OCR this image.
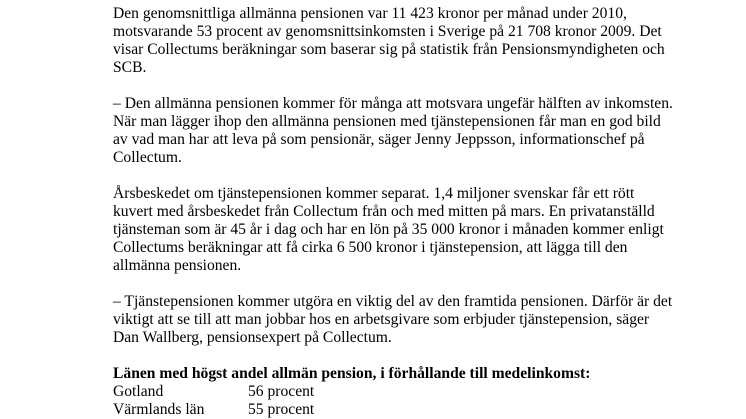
Den genomsnittliga allmänna pensionen var 11 423 kronor per månad under 2010,
motsvarande 53 procent av genomsnittsinkomsten i Sverige på 21 708 kronor 2009. Det
visar Collectums beräkningar som baserar sig på statistik från Pensionsmyndigheten och
SCB.

– Den allmänna pensionen kommer för många att motsvara ungefär hälften av inkomsten.
När man lägger ihop den allmänna pensionen med tjänstepensionen får man en god bild
av vad man har att leva på som pensionär, säger Jenny Jeppsson, informationschef på
Collectum.

Årsbeskedet om tjänstepensionen kommer separat. 1,4 miljoner svenskar får ett rött
kuvert med årsbeskedet från Collectum från och med mitten på mars. En privatanställd
tjänsteman som är 45 år i dag och har en lön på 35 000 kronor i månaden kommer enligt
Collectums beräkningar att få cirka 6 500 kronor i tjänstepension, att lägga till den
allmänna pensionen.

– Tjänstepensionen kommer utgöra en viktig del av den framtida pensionen. Därför är det
viktigt att se till att man jobbar hos en arbetsgivare som erbjuder tjänstepension, säger
Dan Wallberg, pensionsexpert på Collectum.

Länen med högst andel allmän pension, i förhållande till medelinkomst:

Gotland	56 procent
Värmlands län	55 procent
